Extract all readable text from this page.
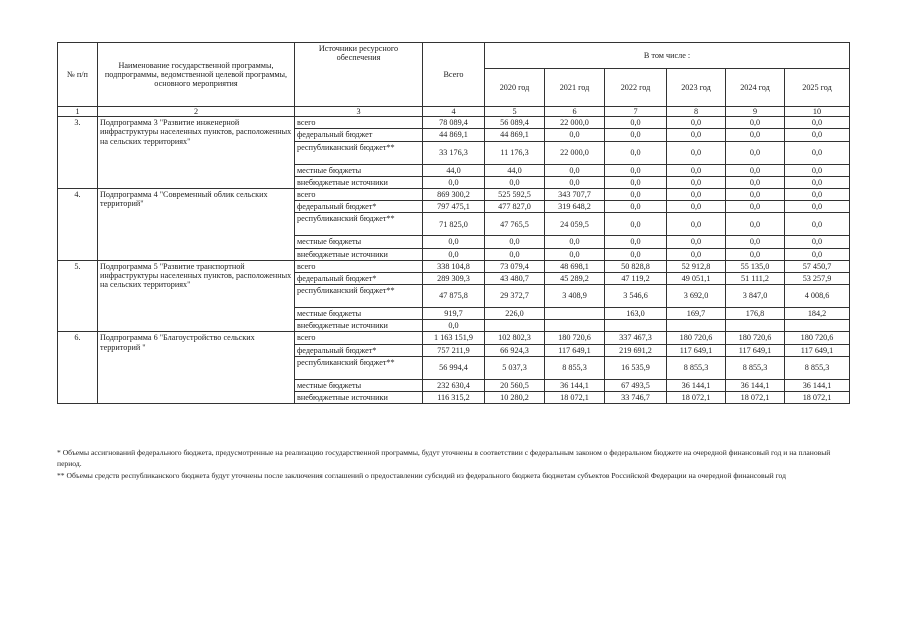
№ п/п	Наименование государственной программы, подпрограммы, ведомственной целевой программы, основного мероприятия	Источники ресурсного обеспечения	Всего	В том числе :					
				2020 год	2021 год	2022 год	2023 год	2024 год	2025 год
1	2	3	4	5	6	7	8	9	10
3.	Подпрограмма 3 "Развитие инженерной инфраструктуры населенных пунктов, расположенных на сельских территориях"	всего	78 089,4	56 089,4	22 000,0	0,0	0,0	0,0	0,0
		федеральный бюджет	44 869,1	44 869,1	0,0	0,0	0,0	0,0	0,0
		республиканский бюджет**	33 176,3	11 176,3	22 000,0	0,0	0,0	0,0	0,0
		местные бюджеты	44,0	44,0	0,0	0,0	0,0	0,0	0,0
		внебюджетные источники	0,0	0,0	0,0	0,0	0,0	0,0	0,0
4.	Подпрограмма 4 "Современный облик сельских территорий"	всего	869 300,2	525 592,5	343 707,7	0,0	0,0	0,0	0,0
		федеральный бюджет*	797 475,1	477 827,0	319 648,2	0,0	0,0	0,0	0,0
		республиканский бюджет**	71 825,0	47 765,5	24 059,5	0,0	0,0	0,0	0,0
		местные бюджеты	0,0	0,0	0,0	0,0	0,0	0,0	0,0
		внебюджетные источники	0,0	0,0	0,0	0,0	0,0	0,0	0,0
5.	Подпрограмма 5 "Развитие транспортной инфраструктуры населенных пунктов, расположенных на сельских территориях"	всего	338 104,8	73 079,4	48 698,1	50 828,8	52 912,8	55 135,0	57 450,7
		федеральный бюджет*	289 309,3	43 480,7	45 289,2	47 119,2	49 051,1	51 111,2	53 257,9
		республиканский бюджет**	47 875,8	29 372,7	3 408,9	3 546,6	3 692,0	3 847,0	4 008,6
		местные бюджеты	919,7	226,0		163,0	169,7	176,8	184,2
		внебюджетные источники	0,0						
6.	Подпрограмма 6 "Благоустройство сельских территорий "	всего	1 163 151,9	102 802,3	180 720,6	337 467,3	180 720,6	180 720,6	180 720,6
		федеральный бюджет*	757 211,9	66 924,3	117 649,1	219 691,2	117 649,1	117 649,1	117 649,1
		республиканский бюджет**	56 994,4	5 037,3	8 855,3	16 535,9	8 855,3	8 855,3	8 855,3
		местные бюджеты	232 630,4	20 560,5	36 144,1	67 493,5	36 144,1	36 144,1	36 144,1
		внебюджетные источники	116 315,2	10 280,2	18 072,1	33 746,7	18 072,1	18 072,1	18 072,1

* Объемы ассигнований федерального бюджета, предусмотренные на реализацию государственной программы, будут уточнены в соответствии с федеральным законом о федеральном бюджете на очередной финансовый год и на плановый период.

** Объемы средств республиканского бюджета будут уточнены после заключения соглашений о предоставлении субсидий из федерального бюджета бюджетам субъектов Российской Федерации на очередной финансовый год
